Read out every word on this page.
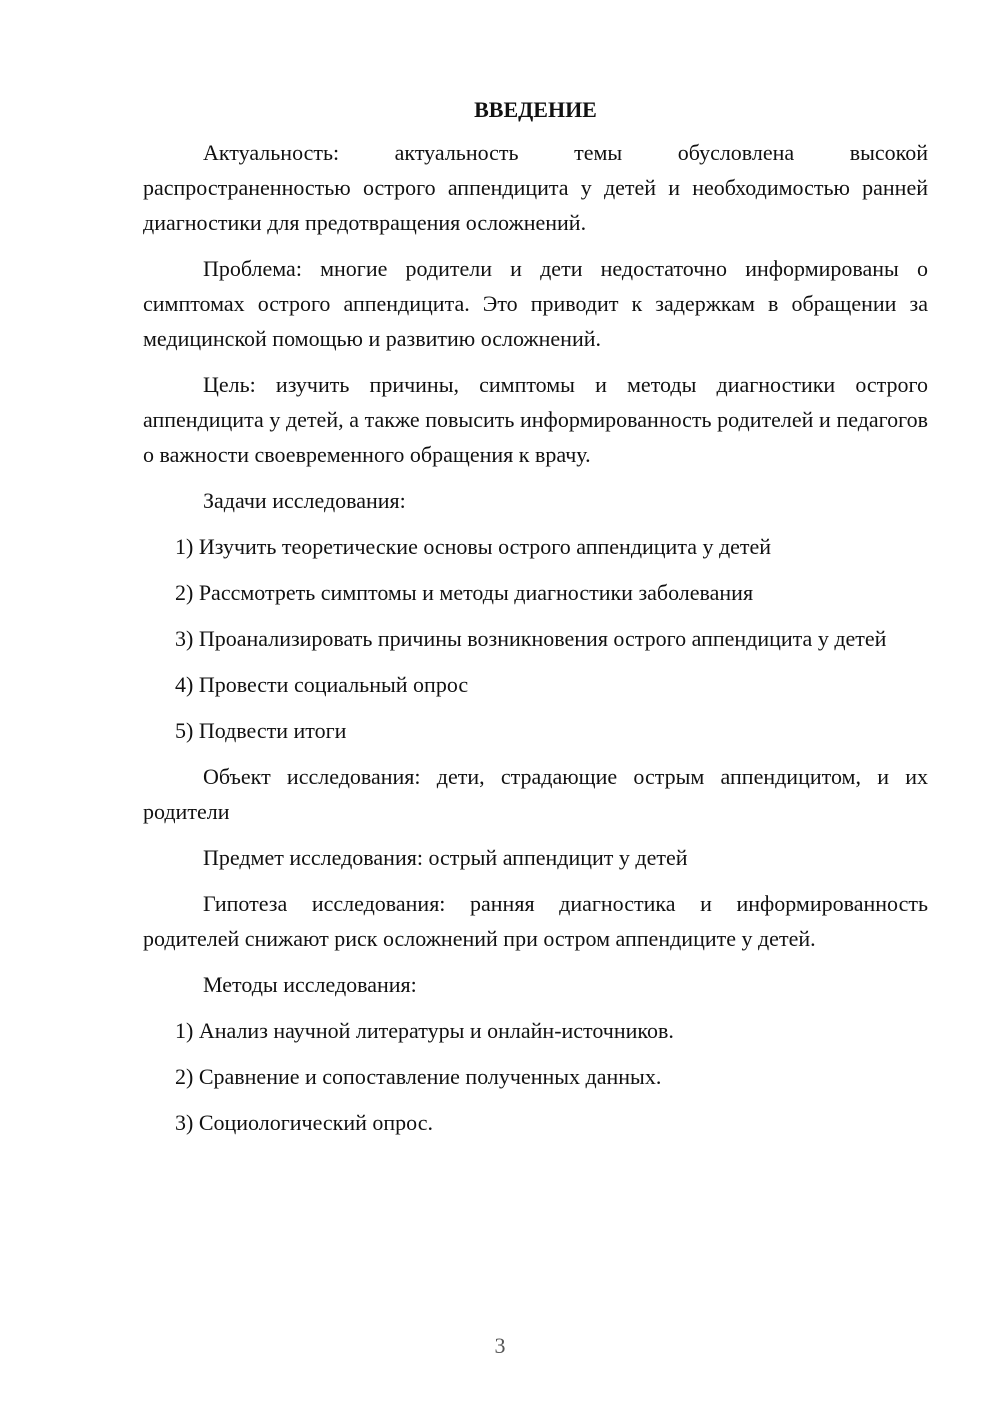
ВВЕДЕНИЕ

Актуальность: актуальность темы обусловлена высокой распространенностью острого аппендицита у детей и необходимостью ранней диагностики для предотвращения осложнений.

Проблема: многие родители и дети недостаточно информированы о симптомах острого аппендицита. Это приводит к задержкам в обращении за медицинской помощью и развитию осложнений.

Цель: изучить причины, симптомы и методы диагностики острого аппендицита у детей, а также повысить информированность родителей и педагогов о важности своевременного обращения к врачу.

Задачи исследования:

1) Изучить теоретические основы острого аппендицита у детей

2) Рассмотреть симптомы и методы диагностики заболевания

3) Проанализировать причины возникновения острого аппендицита у детей

4) Провести социальный опрос

5) Подвести итоги

Объект исследования: дети, страдающие острым аппендицитом, и их родители

Предмет исследования: острый аппендицит у детей

Гипотеза исследования: ранняя диагностика и информированность родителей снижают риск осложнений при остром аппендиците у детей.

Методы исследования:

1) Анализ научной литературы и онлайн-источников.

2) Сравнение и сопоставление полученных данных.

3) Социологический опрос.

3
